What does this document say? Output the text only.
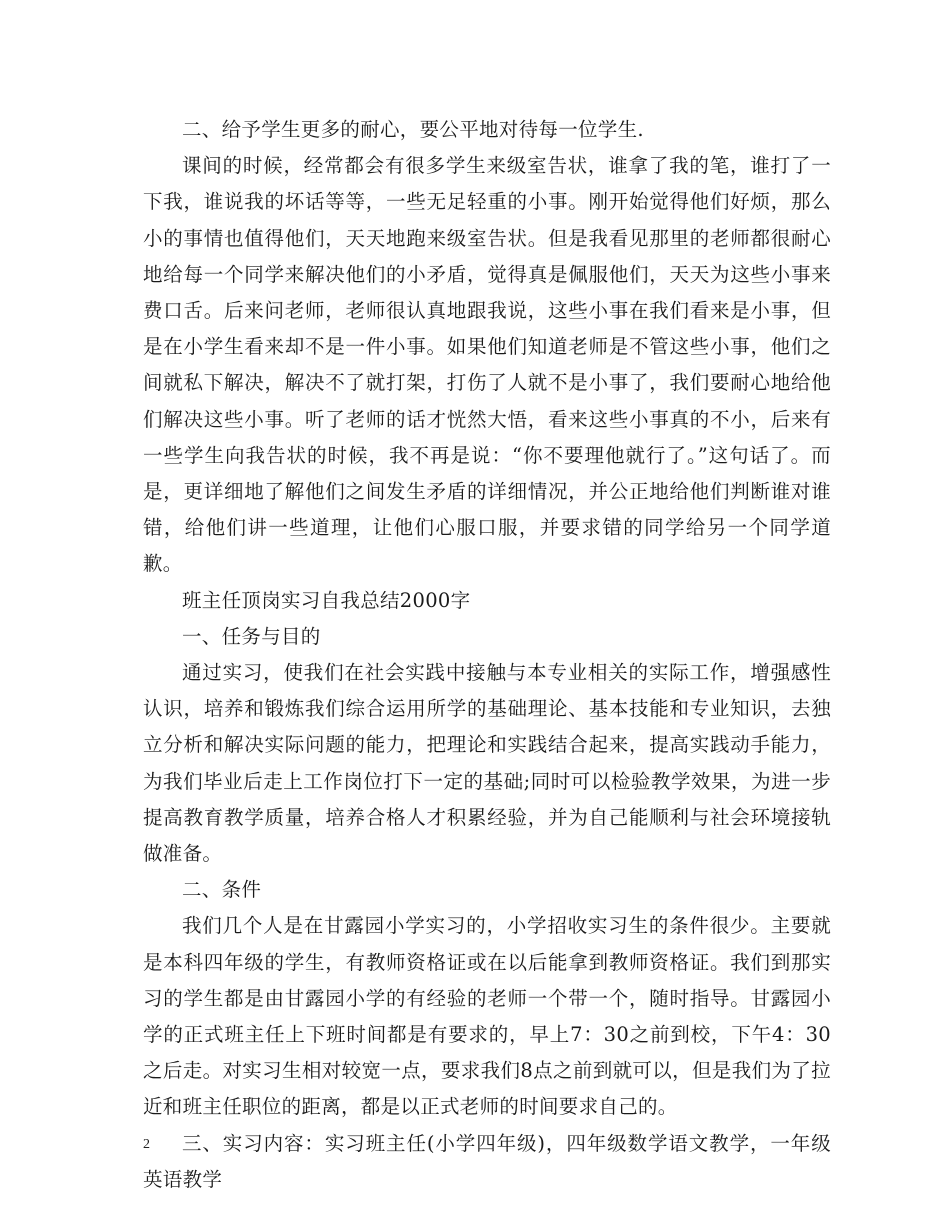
二、给予学生更多的耐心，要公平地对待每一位学生.

课间的时候，经常都会有很多学生来级室告状，谁拿了我的笔，谁打了一下我，谁说我的坏话等等，一些无足轻重的小事。刚开始觉得他们好烦，那么小的事情也值得他们，天天地跑来级室告状。但是我看见那里的老师都很耐心地给每一个同学来解决他们的小矛盾，觉得真是佩服他们，天天为这些小事来费口舌。后来问老师，老师很认真地跟我说，这些小事在我们看来是小事，但是在小学生看来却不是一件小事。如果他们知道老师是不管这些小事，他们之间就私下解决，解决不了就打架，打伤了人就不是小事了，我们要耐心地给他们解决这些小事。听了老师的话才恍然大悟，看来这些小事真的不小，后来有一些学生向我告状的时候，我不再是说：“你不要理他就行了。”这句话了。而是，更详细地了解他们之间发生矛盾的详细情况，并公正地给他们判断谁对谁错，给他们讲一些道理，让他们心服口服，并要求错的同学给另一个同学道歉。

班主任顶岗实习自我总结2000字

一、任务与目的

通过实习，使我们在社会实践中接触与本专业相关的实际工作，增强感性认识，培养和锻炼我们综合运用所学的基础理论、基本技能和专业知识，去独立分析和解决实际问题的能力，把理论和实践结合起来，提高实践动手能力，为我们毕业后走上工作岗位打下一定的基础;同时可以检验教学效果，为进一步提高教育教学质量，培养合格人才积累经验，并为自己能顺利与社会环境接轨做准备。

二、条件

我们几个人是在甘露园小学实习的，小学招收实习生的条件很少。主要就是本科四年级的学生，有教师资格证或在以后能拿到教师资格证。我们到那实习的学生都是由甘露园小学的有经验的老师一个带一个，随时指导。甘露园小学的正式班主任上下班时间都是有要求的，早上7：30之前到校，下午4：30之后走。对实习生相对较宽一点，要求我们8点之前到就可以，但是我们为了拉近和班主任职位的距离，都是以正式老师的时间要求自己的。

三、实习内容：实习班主任(小学四年级)，四年级数学语文教学，一年级英语教学

2
